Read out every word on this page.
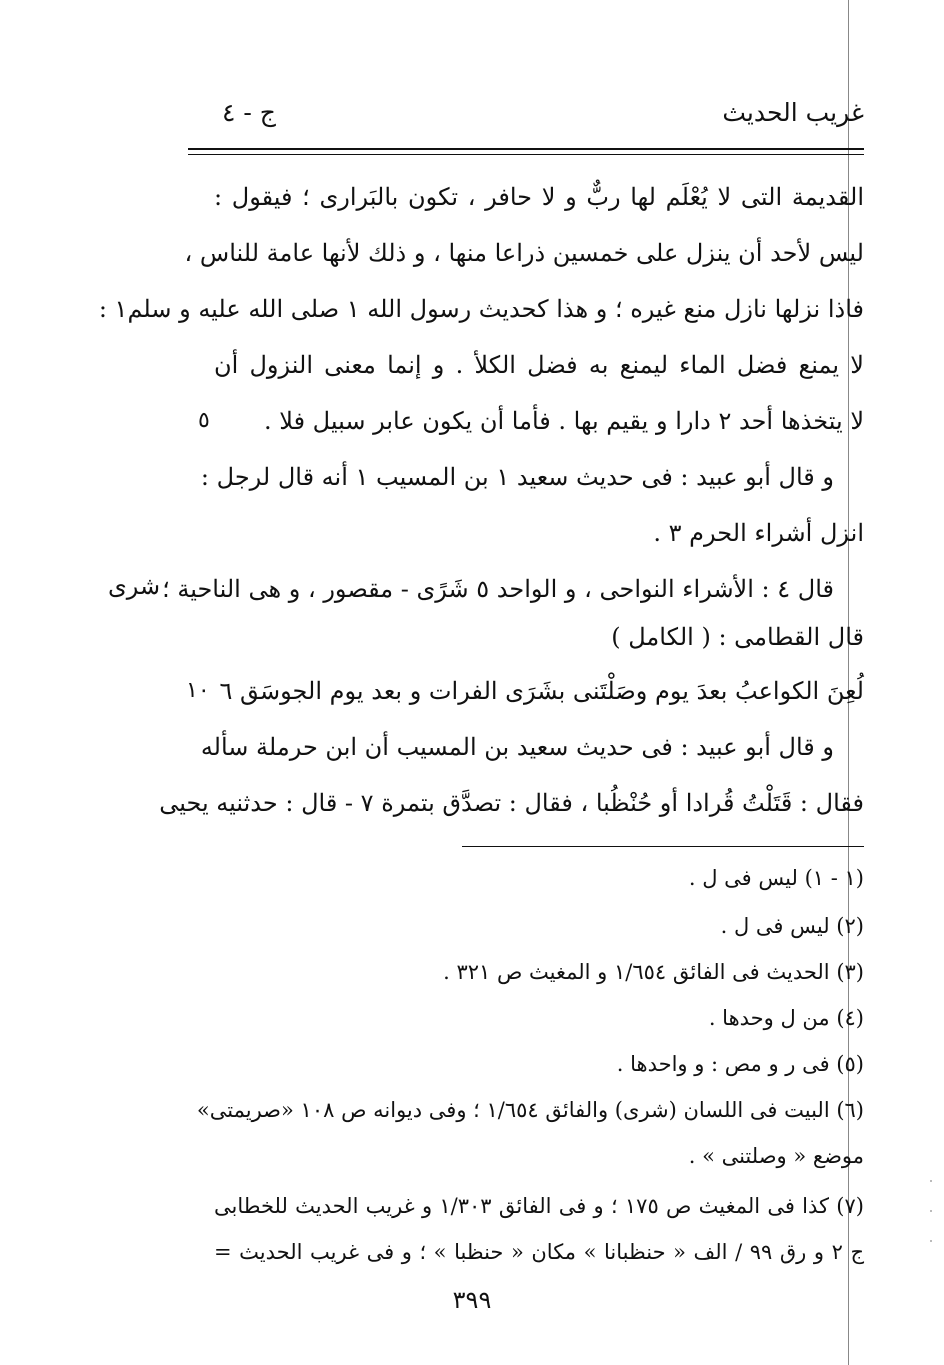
غريب الحديث
ج - ٤
القديمة التى لا يُعْلَم لها ربٌّ و لا حافر ، تكون بالبَرارى ؛ فيقول :
ليس لأحد أن ينزل على خمسين ذراعا منها ، و ذلك لأنها عامة للناس ،
فاذا نزلها نازل منع غيره ؛ و هذا كحديث رسول الله ١ صلى الله عليه و سلم١ :
لا يمنع فضل الماء ليمنع به فضل الكلأ . و إنما معنى النزول أن
لا يتخذها أحد ٢ دارا و يقيم بها . فأما أن يكون عابر سبيل فلا .
٥
و قال أبو عبيد : فى حديث سعيد ١ بن المسيب ١ أنه قال لرجل :
انزل أشراء الحرم ٣ .
قال ٤ : الأشراء النواحى ، و الواحد ٥ شَرًى - مقصور ، و هى الناحية ؛
شرى
قال القطامى : ( الكامل )
لُعِنَ الكواعبُ بعدَ يوم وصَلْتَنى بشَرَى الفرات و بعد يوم الجوسَق ٦
١٠
و قال أبو عبيد : فى حديث سعيد بن المسيب أن ابن حرملة سأله
فقال : قَتَلْتُ قُرادا أو حُنْظُبا ، فقال : تصدَّق بتمرة ٧ - قال : حدثنيه يحيى
(١ - ١) ليس فى ل .
(٢) ليس فى ل .
(٣) الحديث فى الفائق ١/٦٥٤ و المغيث ص ٣٢١ .
(٤) من ل وحدها .
(٥) فى ر و مص : و واحدها .
(٦) البيت فى اللسان (شرى) والفائق ١/٦٥٤ ؛ وفى ديوانه ص ١٠٨ «صريمتى»
موضع « وصلتنى » .
(٧) كذا فى المغيث ص ١٧٥ ؛ و فى الفائق ١/٣٠٣ و غريب الحديث للخطابى
ج ٢ و رق ٩٩ / الف « حنظبانا » مكان « حنظبا » ؛ و فى غريب الحديث =
٣٩٩
